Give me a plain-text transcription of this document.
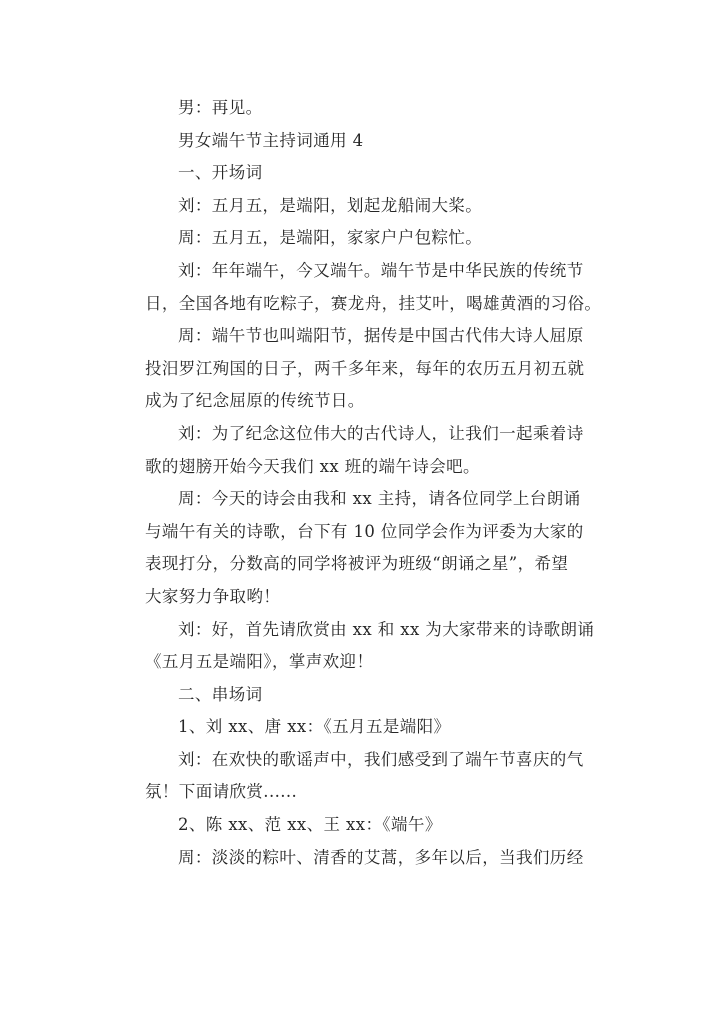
男：再见。
男女端午节主持词通用 4
一、开场词
刘：五月五，是端阳，划起龙船闹大桨。
周：五月五，是端阳，家家户户包粽忙。
刘：年年端午，今又端午。端午节是中华民族的传统节
日，全国各地有吃粽子，赛龙舟，挂艾叶，喝雄黄酒的习俗。
周：端午节也叫端阳节，据传是中国古代伟大诗人屈原
投汨罗江殉国的日子，两千多年来，每年的农历五月初五就
成为了纪念屈原的传统节日。
刘：为了纪念这位伟大的古代诗人，让我们一起乘着诗
歌的翅膀开始今天我们 xx 班的端午诗会吧。
周：今天的诗会由我和 xx 主持，请各位同学上台朗诵
与端午有关的诗歌，台下有 10 位同学会作为评委为大家的
表现打分，分数高的同学将被评为班级“朗诵之星”，希望
大家努力争取哟！
刘：好，首先请欣赏由 xx 和 xx 为大家带来的诗歌朗诵
《五月五是端阳》，掌声欢迎！
二、串场词
1、刘 xx、唐 xx：《五月五是端阳》
刘：在欢快的歌谣声中，我们感受到了端午节喜庆的气
氛！下面请欣赏......
2、陈 xx、范 xx、王 xx：《端午》
周：淡淡的粽叶、清香的艾蒿，多年以后，当我们历经
